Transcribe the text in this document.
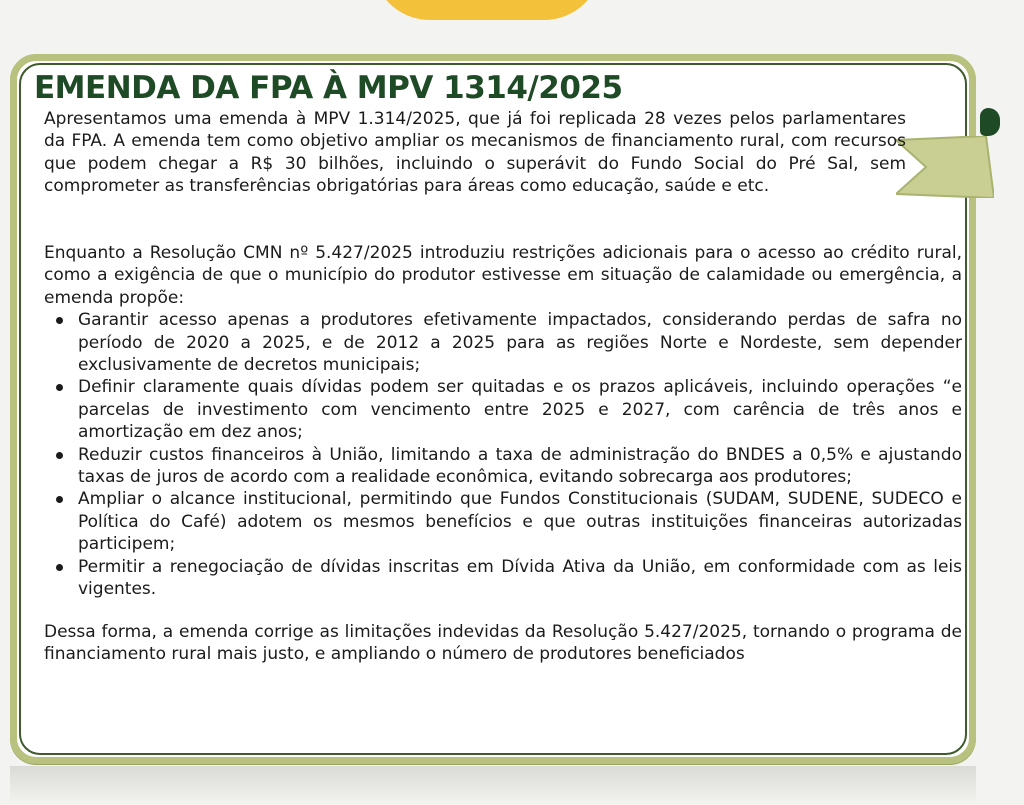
EMENDA DA FPA À MPV 1314/2025

Apresentamos uma emenda à MPV 1.314/2025, que já foi replicada 28 vezes pelos parlamentares da FPA. A emenda tem como objetivo ampliar os mecanismos de financiamento rural, com recursos que podem chegar a R$ 30 bilhões, incluindo o superávit do Fundo Social do Pré Sal, sem comprometer as transferências obrigatórias para áreas como educação, saúde e etc.

Enquanto a Resolução CMN nº 5.427/2025 introduziu restrições adicionais para o acesso ao crédito rural, como a exigência de que o município do produtor estivesse em situação de calamidade ou emergência, a emenda propõe:

Garantir acesso apenas a produtores efetivamente impactados, considerando perdas de safra no período de 2020 a 2025, e de 2012 a 2025 para as regiões Norte e Nordeste, sem depender exclusivamente de decretos municipais;
Definir claramente quais dívidas podem ser quitadas e os prazos aplicáveis, incluindo operações “e parcelas de investimento com vencimento entre 2025 e 2027, com carência de três anos e amortização em dez anos;
Reduzir custos financeiros à União, limitando a taxa de administração do BNDES a 0,5% e ajustando taxas de juros de acordo com a realidade econômica, evitando sobrecarga aos produtores;
Ampliar o alcance institucional, permitindo que Fundos Constitucionais (SUDAM, SUDENE, SUDECO e Política do Café) adotem os mesmos benefícios e que outras instituições financeiras autorizadas participem;
Permitir a renegociação de dívidas inscritas em Dívida Ativa da União, em conformidade com as leis vigentes.

Dessa forma, a emenda corrige as limitações indevidas da Resolução 5.427/2025, tornando o programa de financiamento rural mais justo, e ampliando o número de produtores beneficiados
